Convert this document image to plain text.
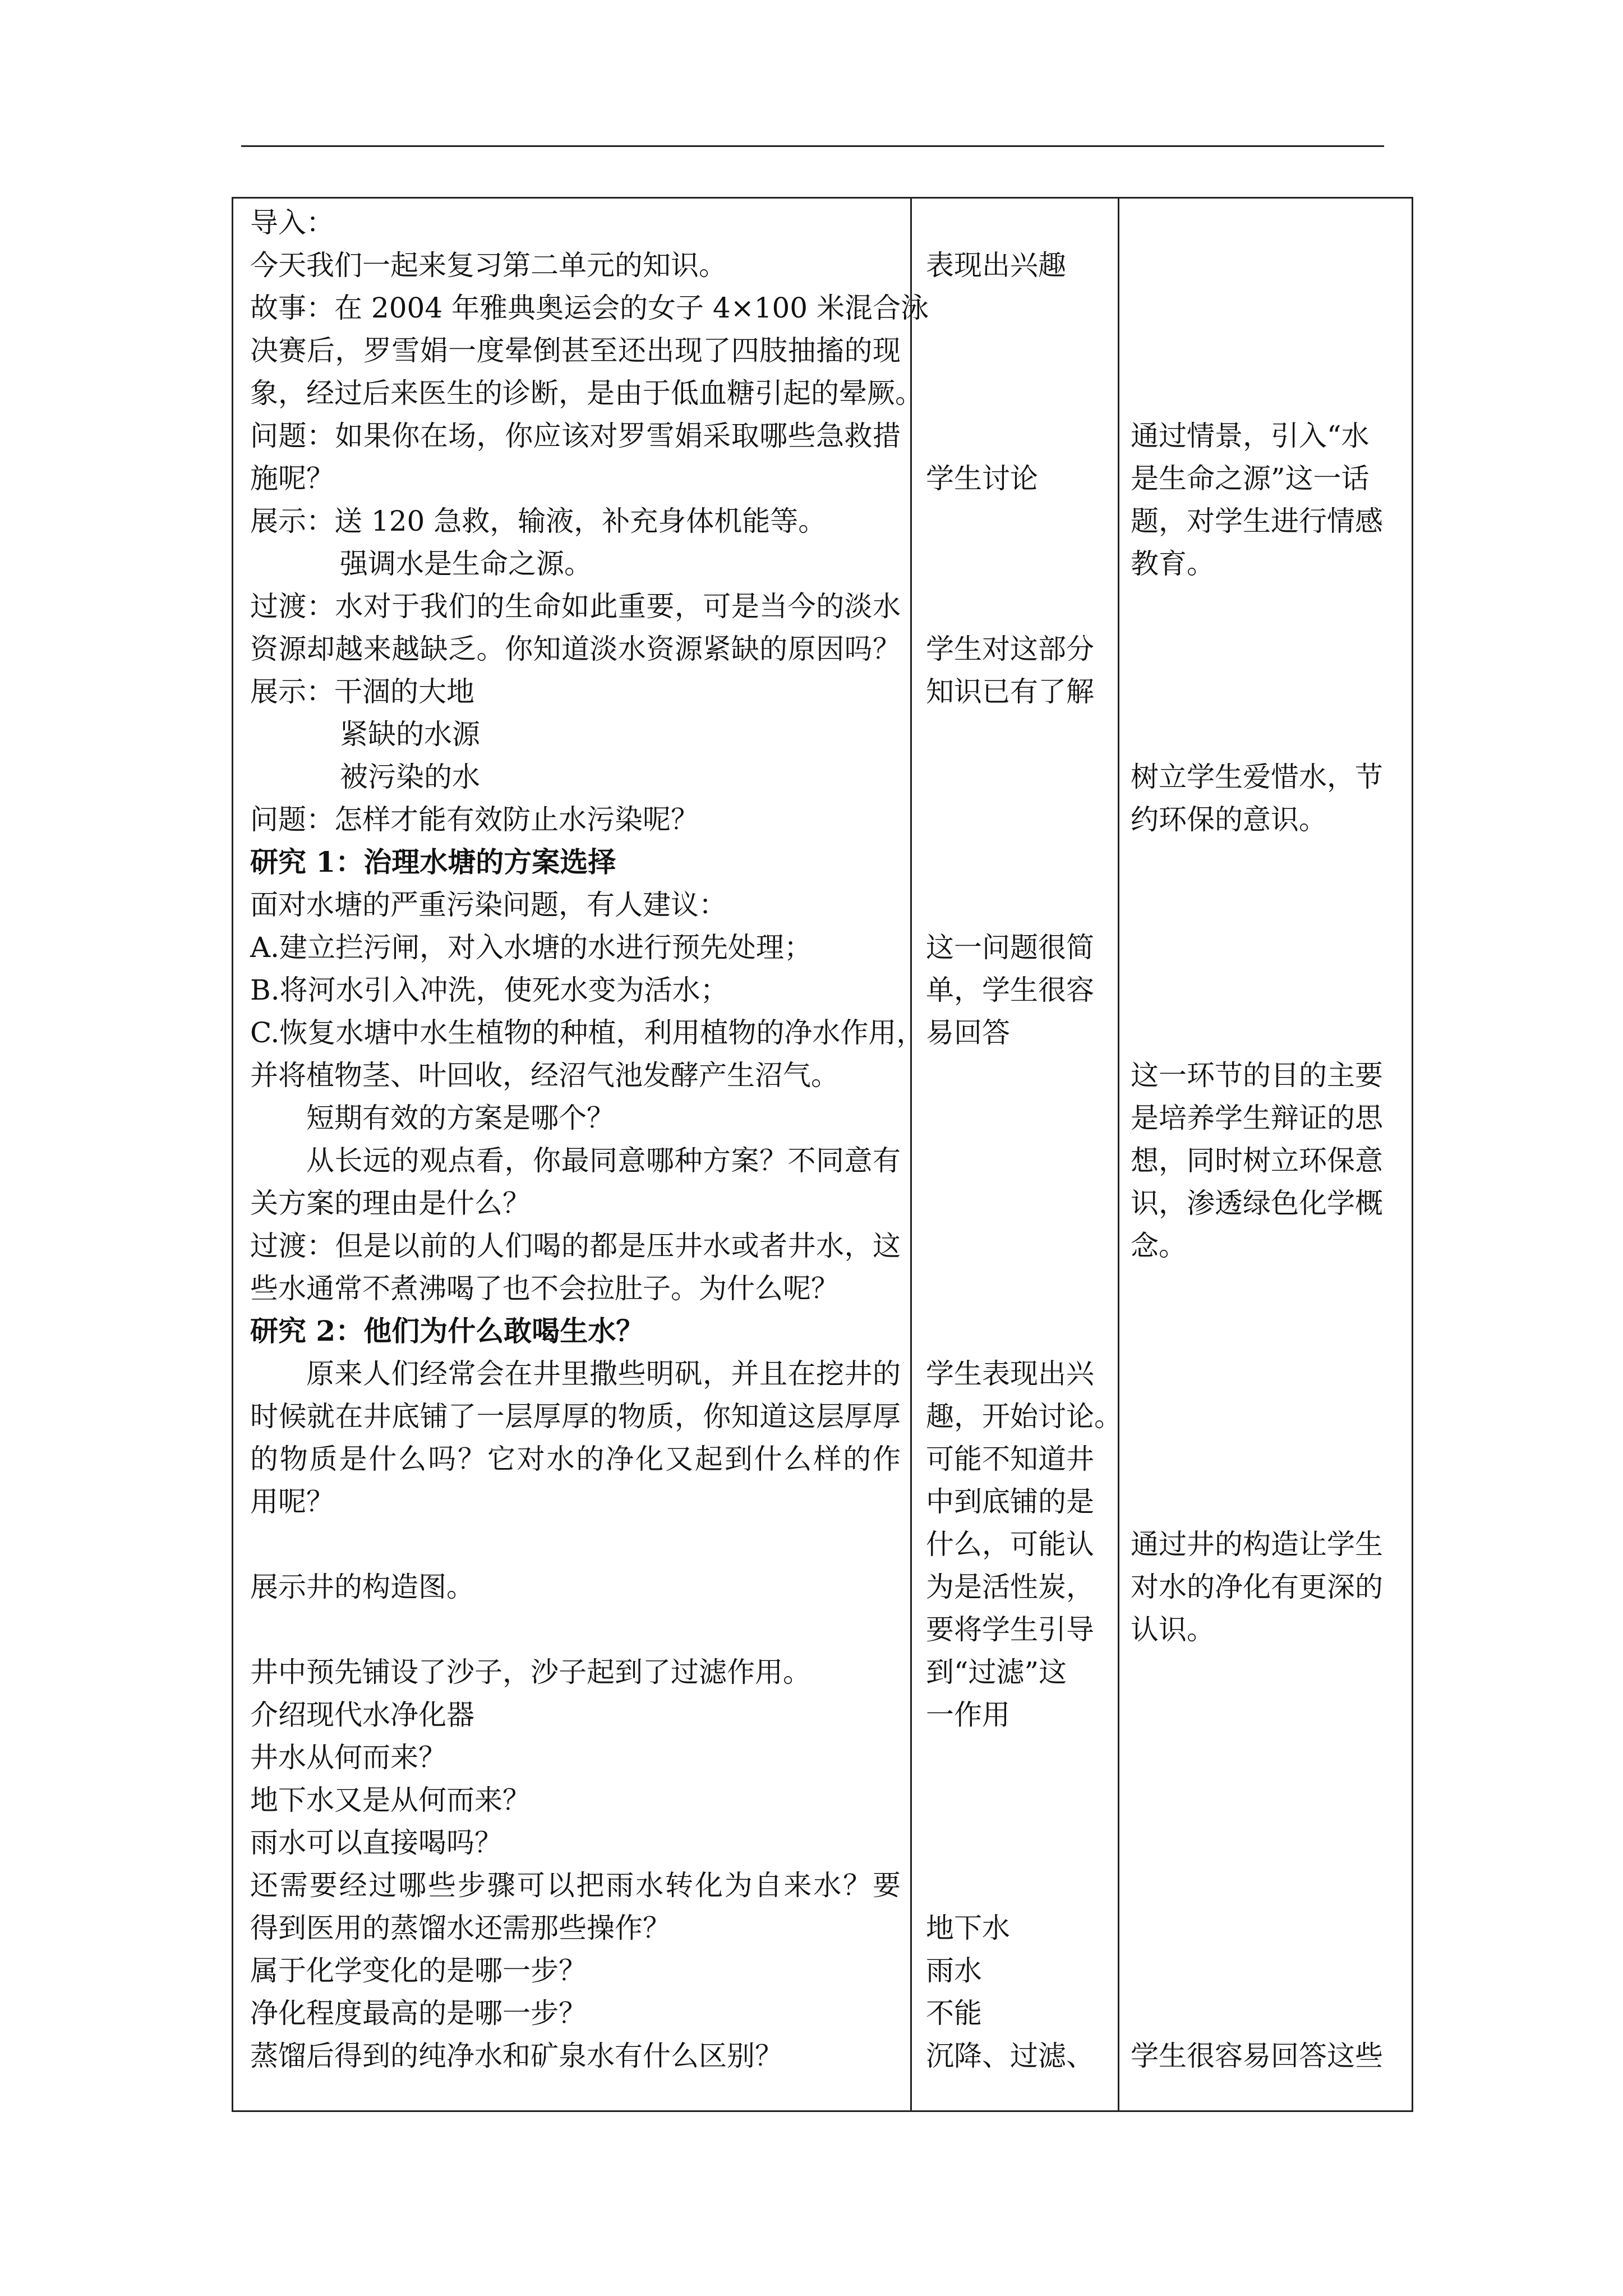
导入：
今天我们一起来复习第二单元的知识。
故事：在 2004 年雅典奥运会的女子 4×100 米混合泳
决赛后，罗雪娟一度晕倒甚至还出现了四肢抽搐的现
象，经过后来医生的诊断，是由于低血糖引起的晕厥。
问题：如果你在场，你应该对罗雪娟采取哪些急救措
施呢？
展示：送 120 急救，输液，补充身体机能等。
强调水是生命之源。
过渡：水对于我们的生命如此重要，可是当今的淡水
资源却越来越缺乏。你知道淡水资源紧缺的原因吗？
展示：干涸的大地
紧缺的水源
被污染的水
问题：怎样才能有效防止水污染呢？
研究 1：治理水塘的方案选择
面对水塘的严重污染问题，有人建议：
A.建立拦污闸，对入水塘的水进行预先处理；
B.将河水引入冲洗，使死水变为活水；
C.恢复水塘中水生植物的种植，利用植物的净水作用，
并将植物茎、叶回收，经沼气池发酵产生沼气。
短期有效的方案是哪个？
从长远的观点看，你最同意哪种方案？不同意有
关方案的理由是什么？
过渡：但是以前的人们喝的都是压井水或者井水，这
些水通常不煮沸喝了也不会拉肚子。为什么呢？
研究 2：他们为什么敢喝生水？
原来人们经常会在井里撒些明矾，并且在挖井的
时候就在井底铺了一层厚厚的物质，你知道这层厚厚
的物质是什么吗？它对水的净化又起到什么样的作
用呢？
展示井的构造图。
井中预先铺设了沙子，沙子起到了过滤作用。
介绍现代水净化器
井水从何而来？
地下水又是从何而来？
雨水可以直接喝吗？
还需要经过哪些步骤可以把雨水转化为自来水？要
得到医用的蒸馏水还需那些操作？
属于化学变化的是哪一步？
净化程度最高的是哪一步？
蒸馏后得到的纯净水和矿泉水有什么区别？
表现出兴趣
学生讨论
学生对这部分
知识已有了解
这一问题很简
单，学生很容
易回答
学生表现出兴
趣，开始讨论。
可能不知道井
中到底铺的是
什么，可能认
为是活性炭，
要将学生引导
到“过滤”这
一作用
地下水
雨水
不能
沉降、过滤、
通过情景，引入“水
是生命之源”这一话
题，对学生进行情感
教育。
树立学生爱惜水，节
约环保的意识。
这一环节的目的主要
是培养学生辩证的思
想，同时树立环保意
识，渗透绿色化学概
念。
通过井的构造让学生
对水的净化有更深的
认识。
学生很容易回答这些
